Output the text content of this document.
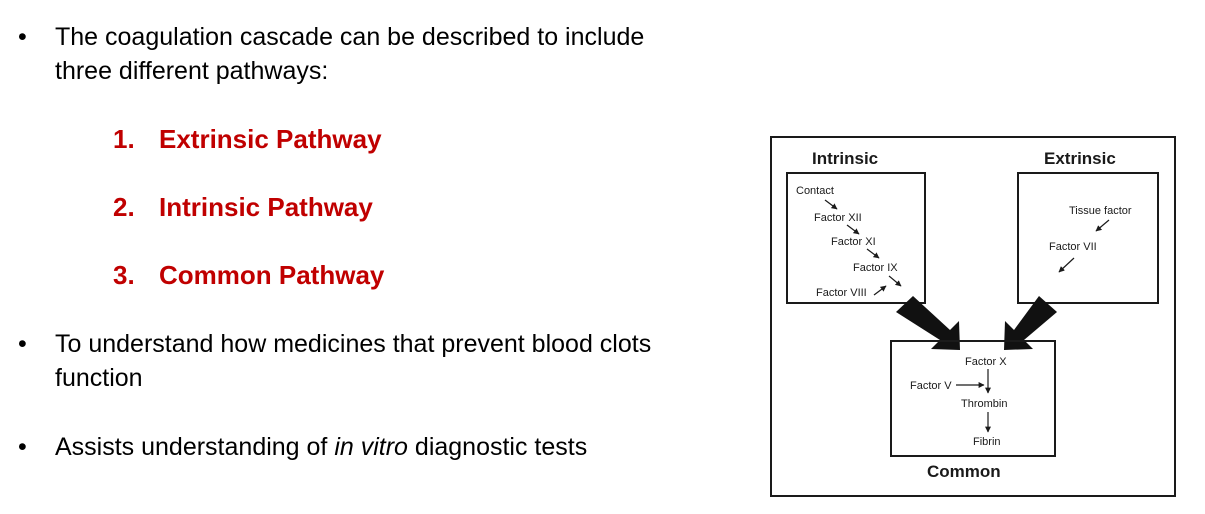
•	The coagulation cascade can be described to include
three different pathways:
1. Extrinsic Pathway
2. Intrinsic Pathway
3. Common Pathway
•	To understand how medicines that prevent blood clots
function
•	Assists understanding of in vitro diagnostic tests
Intrinsic	Extrinsic
Contact
Factor XII
Factor XI
Factor IX
Factor VIII
Tissue factor
Factor VII
Factor X
Factor V
Thrombin
Fibrin
Common
